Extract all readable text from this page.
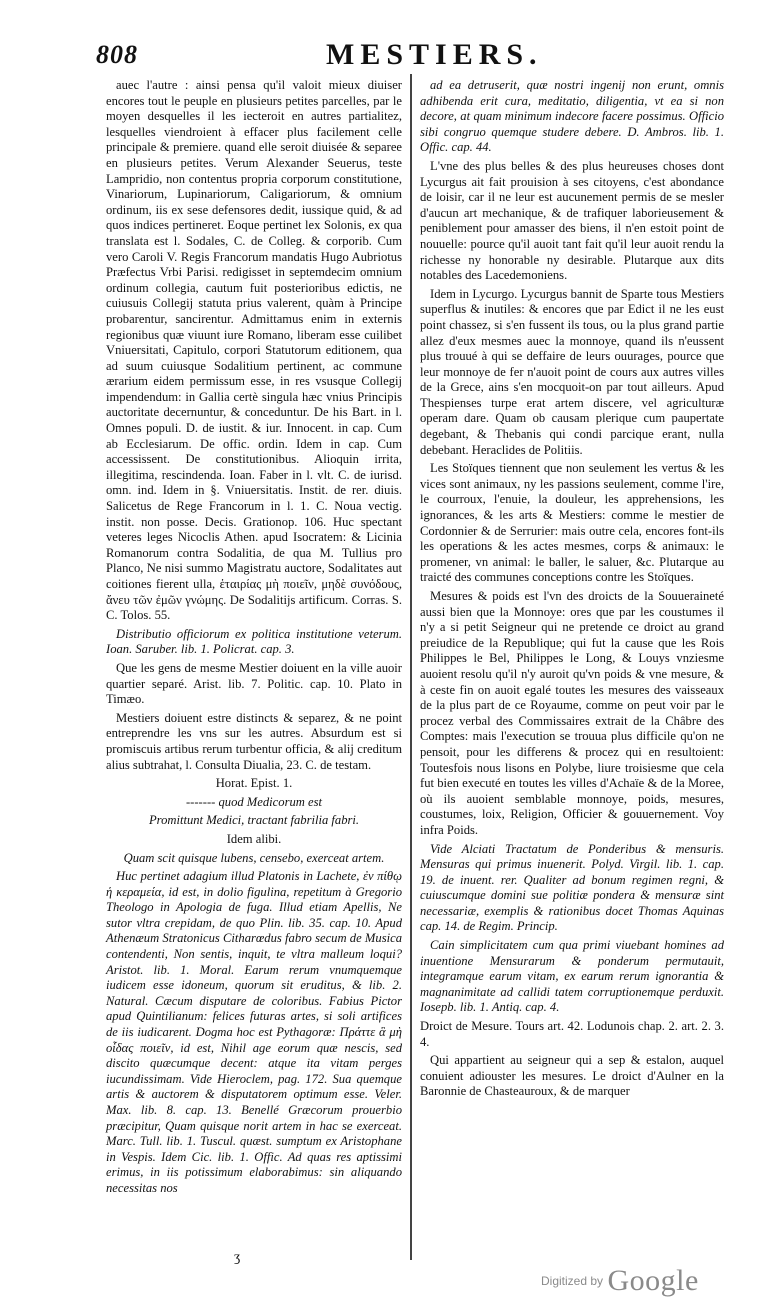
808	MESTIERS.

auec l'autre : ainsi pensa qu'il valoit mieux diuiser encores tout le peuple en plusieurs petites parcelles, par le moyen desquelles il les iecteroit en autres partialitez, lesquelles viendroient à effacer plus facilement celle principale & premiere. quand elle seroit diuisée & separee en plusieurs petites. Verum Alexander Seuerus, teste Lampridio, non contentus propria corporum constitutione, Vinariorum, Lupinariorum, Caligariorum, & omnium ordinum, iis ex sese defensores dedit, iussique quid, & ad quos indices pertineret. Eoque pertinet lex Solonis, ex qua translata est l. Sodales, C. de Colleg. & corporib. Cum vero Caroli V. Regis Francorum mandatis Hugo Aubriotus Præfectus Vrbi Parisi. redigisset in septemdecim omnium ordinum collegia, cautum fuit posterioribus edictis, ne cuiusuis Collegij statuta prius valerent, quàm à Principe probarentur, sancirentur. Admittamus enim in externis regionibus quæ viuunt iure Romano, liberam esse cuilibet Vniuersitati, Capitulo, corpori Statutorum editionem, qua ad suum cuiusque Sodalitium pertinent, ac commune ærarium eidem permissum esse, in res vsusque Collegij impendendum: in Gallia certè singula hæc vnius Principis auctoritate decernuntur, & conceduntur. De his Bart. in l. Omnes populi. D. de iustit. & iur. Innocent. in cap. Cum ab Ecclesiarum. De offic. ordin. Idem in cap. Cum accessissent. De constitutionibus. Alioquin irrita, illegitima, rescindenda. Ioan. Faber in l. vlt. C. de iurisd. omn. ind. Idem in §. Vniuersitatis. Instit. de rer. diuis. Salicetus de Rege Francorum in l. 1. C. Noua vectig. instit. non posse. Decis. Grationop. 106. Huc spectant veteres leges Nicoclis Athen. apud Isocratem: & Licinia Romanorum contra Sodalitia, de qua M. Tullius pro Planco, Ne nisi summo Magistratu auctore, Sodalitates aut coitiones fierent ulla, ἑταιρίας μὴ ποιεῖν, μηδὲ συνόδους, ἄνευ τῶν ἐμῶν γνώμης. De Sodalitijs artificum. Corras. S. C. Tolos. 55.

Distributio officiorum ex politica institutione veterum. Ioan. Saruber. lib. 1. Policrat. cap. 3.

Que les gens de mesme Mestier doiuent en la ville auoir quartier separé. Arist. lib. 7. Politic. cap. 10. Plato in Timæo.

Mestiers doiuent estre distincts & separez, & ne point entreprendre les vns sur les autres. Absurdum est si promiscuis artibus rerum turbentur officia, & alij creditum alius subtrahat, l. Consulta Diualia, 23. C. de testam.

Horat. Epist. 1.

------- quod Medicorum est

Promittunt Medici, tractant fabrilia fabri.

Idem alibi.

Quam scit quisque lubens, censebo, exerceat artem.

Huc pertinet adagium illud Platonis in Lachete, ἐν πίθῳ ἡ κεραμεία, id est, in dolio figulina, repetitum à Gregorio Theologo in Apologia de fuga. Illud etiam Apellis, Ne sutor vltra crepidam, de quo Plin. lib. 35. cap. 10. Apud Athenæum Stratonicus Citharœdus fabro secum de Musica contendenti, Non sentis, inquit, te vltra malleum loqui? Aristot. lib. 1. Moral. Earum rerum vnumquemque iudicem esse idoneum, quorum sit eruditus, & lib. 2. Natural. Cæcum disputare de coloribus. Fabius Pictor apud Quintilianum: felices futuras artes, si soli artifices de iis iudicarent. Dogma hoc est Pythagoræ: Πράττε ἃ μὴ οἶδας ποιεῖν, id est, Nihil age eorum quæ nescis, sed discito quæcumque decent: atque ita vitam perges iucundissimam. Vide Hieroclem, pag. 172. Sua quemque artis & auctorem & disputatorem optimum esse. Veler. Max. lib. 8. cap. 13. Benellé Græcorum prouerbio præcipitur, Quam quisque norit artem in hac se exerceat. Marc. Tull. lib. 1. Tuscul. quæst. sumptum ex Aristophane in Vespis. Idem Cic. lib. 1. Offic. Ad quas res aptissimi erimus, in iis potissimum elaborabimus: sin aliquando necessitas nos

ad ea detruserit, quæ nostri ingenij non erunt, omnis adhibenda erit cura, meditatio, diligentia, vt ea si non decore, at quam minimum indecore facere possimus. Officio sibi congruo quemque studere debere. D. Ambros. lib. 1. Offic. cap. 44.

L'vne des plus belles & des plus heureuses choses dont Lycurgus ait fait prouision à ses citoyens, c'est abondance de loisir, car il ne leur est aucunement permis de se mesler d'aucun art mechanique, & de trafiquer laborieusement & peniblement pour amasser des biens, il n'en estoit point de nouuelle: pource qu'il auoit tant fait qu'il leur auoit rendu la richesse ny honorable ny desirable. Plutarque aux dits notables des Lacedemoniens.

Idem in Lycurgo. Lycurgus bannit de Sparte tous Mestiers superflus & inutiles: & encores que par Edict il ne les eust point chassez, si s'en fussent ils tous, ou la plus grand partie allez d'eux mesmes auec la monnoye, quand ils n'eussent plus trouué à qui se deffaire de leurs ouurages, pource que leur monnoye de fer n'auoit point de cours aux autres villes de la Grece, ains s'en mocquoit-on par tout ailleurs. Apud Thespienses turpe erat artem discere, vel agriculturæ operam dare. Quam ob causam plerique cum paupertate degebant, & Thebanis qui condi parcique erant, nulla debebant. Heraclides de Politiis.

Les Stoïques tiennent que non seulement les vertus & les vices sont animaux, ny les passions seulement, comme l'ire, le courroux, l'enuie, la douleur, les apprehensions, les ignorances, & les arts & Mestiers: comme le mestier de Cordonnier & de Serrurier: mais outre cela, encores font-ils les operations & les actes mesmes, corps & animaux: le promener, vn animal: le baller, le saluer, &c. Plutarque au traicté des communes conceptions contre les Stoïques.

Mesures & poids est l'vn des droicts de la Souueraineté aussi bien que la Monnoye: ores que par les coustumes il n'y a si petit Seigneur qui ne pretende ce droict au grand preiudice de la Republique; qui fut la cause que les Rois Philippes le Bel, Philippes le Long, & Louys vnziesme auoient resolu qu'il n'y auroit qu'vn poids & vne mesure, & à ceste fin on auoit egalé toutes les mesures des vaisseaux de la plus part de ce Royaume, comme on peut voir par le procez verbal des Commissaires extrait de la Châbre des Comptes: mais l'execution se trouua plus difficile qu'on ne pensoit, pour les differens & procez qui en resultoient: Toutesfois nous lisons en Polybe, liure troisiesme que cela fut bien executé en toutes les villes d'Achaïe & de la Moree, où ils auoient semblable monnoye, poids, mesures, coustumes, loix, Religion, Officier & gouuernement. Voy infra Poids.

Vide Alciati Tractatum de Ponderibus & mensuris. Mensuras qui primus inuenerit. Polyd. Virgil. lib. 1. cap. 19. de inuent. rer. Qualiter ad bonum regimen regni, & cuiuscumque domini sue politiæ pondera & mensuræ sint necessariæ, exemplis & rationibus docet Thomas Aquinas cap. 14. de Regim. Princip.

Cain simplicitatem cum qua primi viuebant homines ad inuentione Mensurarum & ponderum permutauit, integramque earum vitam, ex earum rerum ignorantia & magnanimitate ad callidi tatem corruptionemque perduxit. Iosepb. lib. 1. Antiq. cap. 4.

Droict de Mesure. Tours art. 42. Lodunois chap. 2. art. 2. 3. 4.

Qui appartient au seigneur qui a sep & estalon, auquel conuient adiouster les mesures. Le droict d'Aulner en la Baronnie de Chasteauroux, & de marquer

ʒ
Digitized by Google
